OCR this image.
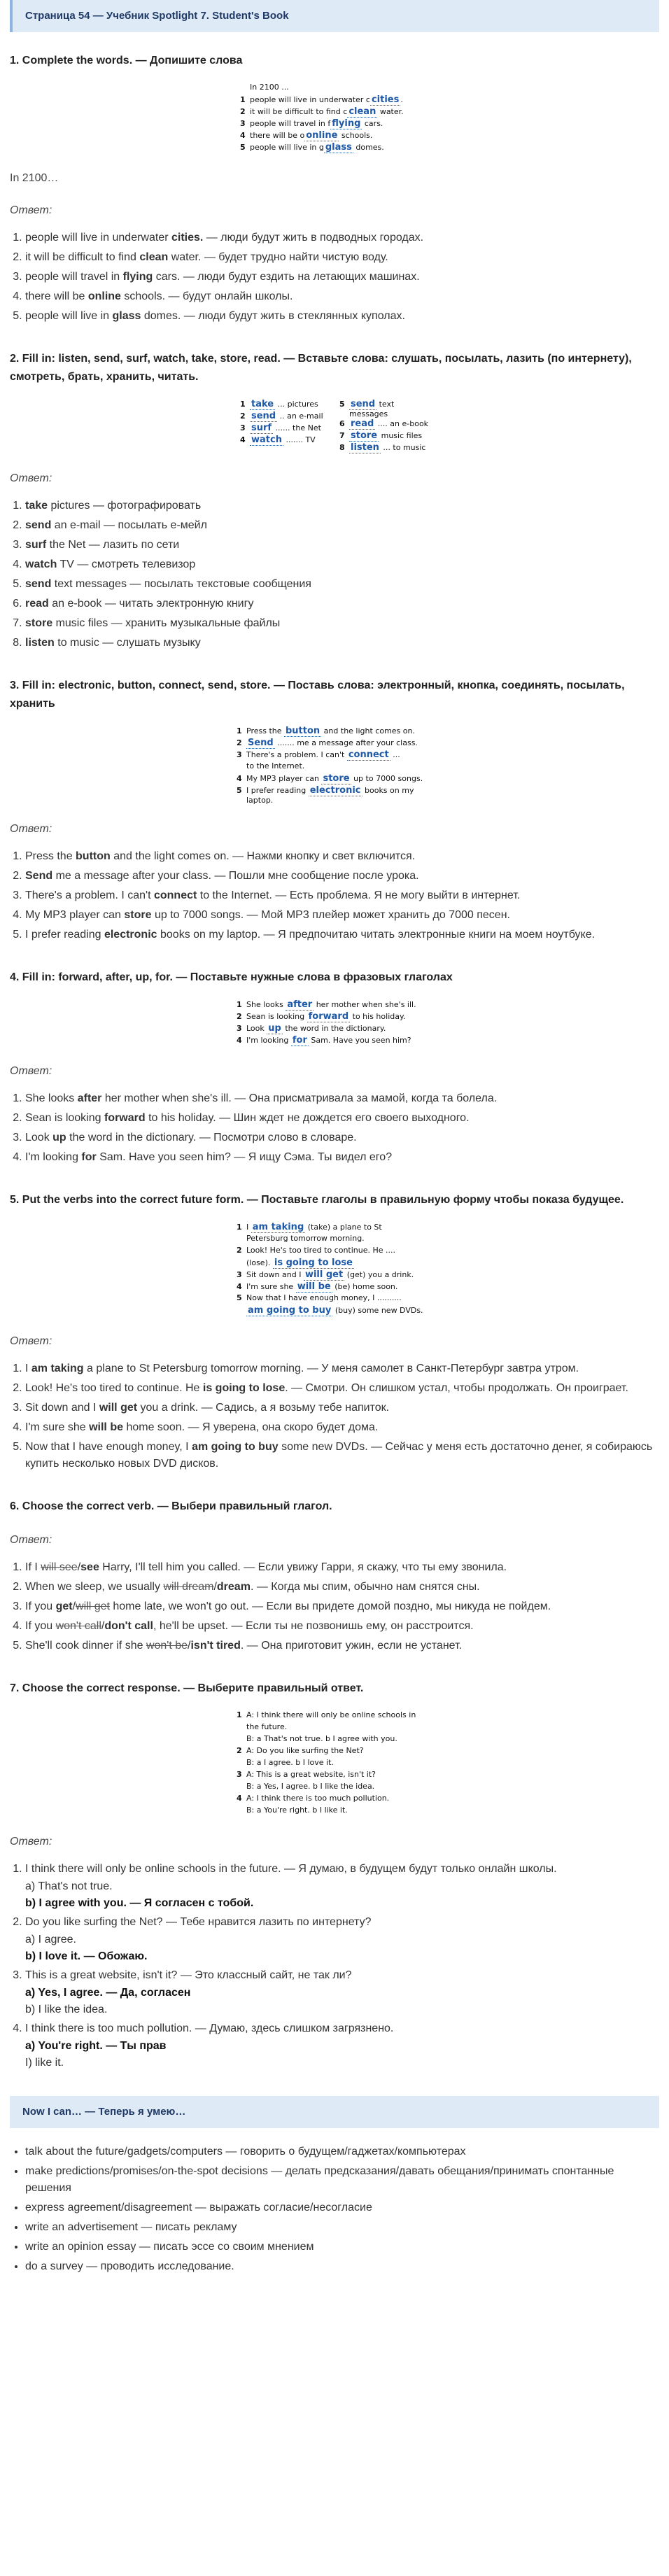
Страница 54 — Учебник Spotlight 7. Student's Book
1. Complete the words. — Допишите слова
In 2100 ...
1 people will live in underwater c cities .
2 it will be difficult to find c clean water.
3 people will travel in f flying cars.
4 there will be o online schools.
5 people will live in g glass domes.
In 2100…
Ответ:
1. people will live in underwater cities. — люди будут жить в подводных городах.
2. it will be difficult to find clean water. — будет трудно найти чистую воду.
3. people will travel in flying cars. — люди будут ездить на летающих машинах.
4. there will be online schools. — будут онлайн школы.
5. people will live in glass domes. — люди будут жить в стеклянных куполах.
2. Fill in: listen, send, surf, watch, take, store, read. — Вставьте слова: слушать, посылать, лазить (по интернету), смотреть, брать, хранить, читать.
1 take ... pictures
2 send .. an e-mail
3 surf ...... the Net
4 watch ....... TV
5 send text messages
6 read .... an e-book
7 store music files
8 listen ... to music
Ответ:
1. take pictures — фотографировать
2. send an e-mail — посылать е-мейл
3. surf the Net — лазить по сети
4. watch TV — смотреть телевизор
5. send text messages — посылать текстовые сообщения
6. read an e-book — читать электронную книгу
7. store music files — хранить музыкальные файлы
8. listen to music — слушать музыку
3. Fill in: electronic, button, connect, send, store. — Поставь слова: электронный, кнопка, соединять, посылать, хранить
1 Press the button and the light comes on.
2 Send ....... me a message after your class.
3 There's a problem. I can't connect ...
to the Internet.
4 My MP3 player can store up to 7000 songs.
5 I prefer reading electronic books on my laptop.
Ответ:
1. Press the button and the light comes on. — Нажми кнопку и свет включится.
2. Send me a message after your class. — Пошли мне сообщение после урока.
3. There's a problem. I can't connect to the Internet. — Есть проблема. Я не могу выйти в интернет.
4. My MP3 player can store up to 7000 songs. — Мой MP3 плейер может хранить до 7000 песен.
5. I prefer reading electronic books on my laptop. — Я предпочитаю читать электронные книги на моем ноутбуке.
4. Fill in: forward, after, up, for. — Поставьте нужные слова в фразовых глаголах
1 She looks after her mother when she's ill.
2 Sean is looking forward to his holiday.
3 Look up the word in the dictionary.
4 I'm looking for Sam. Have you seen him?
Ответ:
1. She looks after her mother when she's ill. — Она присматривала за мамой, когда та болела.
2. Sean is looking forward to his holiday. — Шин ждет не дождется его своего выходного.
3. Look up the word in the dictionary. — Посмотри слово в словаре.
4. I'm looking for Sam. Have you seen him? — Я ищу Сэма. Ты видел его?
5. Put the verbs into the correct future form. — Поставьте глаголы в правильную форму чтобы показа будущее.
1 I am taking (take) a plane to St
Petersburg tomorrow morning.
2 Look! He's too tired to continue. He ....
(lose). is going to lose
3 Sit down and I will get (get) you a drink.
4 I'm sure she will be (be) home soon.
5 Now that I have enough money, I ..........
am going to buy (buy) some new DVDs.
Ответ:
1. I am taking a plane to St Petersburg tomorrow morning. — У меня самолет в Санкт-Петербург завтра утром.
2. Look! He's too tired to continue. He is going to lose. — Смотри. Он слишком устал, чтобы продолжать. Он проиграет.
3. Sit down and I will get you a drink. — Садись, а я возьму тебе напиток.
4. I'm sure she will be home soon. — Я уверена, она скоро будет дома.
5. Now that I have enough money, I am going to buy some new DVDs. — Сейчас у меня есть достаточно денег, я собираюсь купить несколько новых DVD дисков.
6. Choose the correct verb. — Выбери правильный глагол.
Ответ:
1. If I will see/see Harry, I'll tell him you called. — Если увижу Гарри, я скажу, что ты ему звонила.
2. When we sleep, we usually will dream/dream. — Когда мы спим, обычно нам снятся сны.
3. If you get/will get home late, we won't go out. — Если вы придете домой поздно, мы никуда не пойдем.
4. If you won't call/don't call, he'll be upset. — Если ты не позвонишь ему, он расстроится.
5. She'll cook dinner if she won't be/isn't tired. — Она приготовит ужин, если не устанет.
7. Choose the correct response. — Выберите правильный ответ.
1 A: I think there will only be online schools in
the future.
B: a That's not true. b I agree with you.
2 A: Do you like surfing the Net?
B: a I agree. b I love it.
3 A: This is a great website, isn't it?
B: a Yes, I agree. b I like the idea.
4 A: I think there is too much pollution.
B: a You're right. b I like it.
Ответ:
1. I think there will only be online schools in the future. — Я думаю, в будущем будут только онлайн школы.
a) That's not true.
b) I agree with you. — Я согласен с тобой.
2. Do you like surfing the Net? — Тебе нравится лазить по интернету?
a) I agree.
b) I love it. — Обожаю.
3. This is a great website, isn't it? — Это классный сайт, не так ли?
a) Yes, I agree. — Да, согласен
b) I like the idea.
4. I think there is too much pollution. — Думаю, здесь слишком загрязнено.
a) You're right. — Ты прав
I) like it.
Now I can… — Теперь я умею…
• talk about the future/gadgets/computers — говорить о будущем/гаджетах/компьютерах
• make predictions/promises/on-the-spot decisions — делать предсказания/давать обещания/принимать спонтанные решения
• express agreement/disagreement — выражать согласие/несогласие
• write an advertisement — писать рекламу
• write an opinion essay — писать эссе со своим мнением
• do a survey — проводить исследование.
